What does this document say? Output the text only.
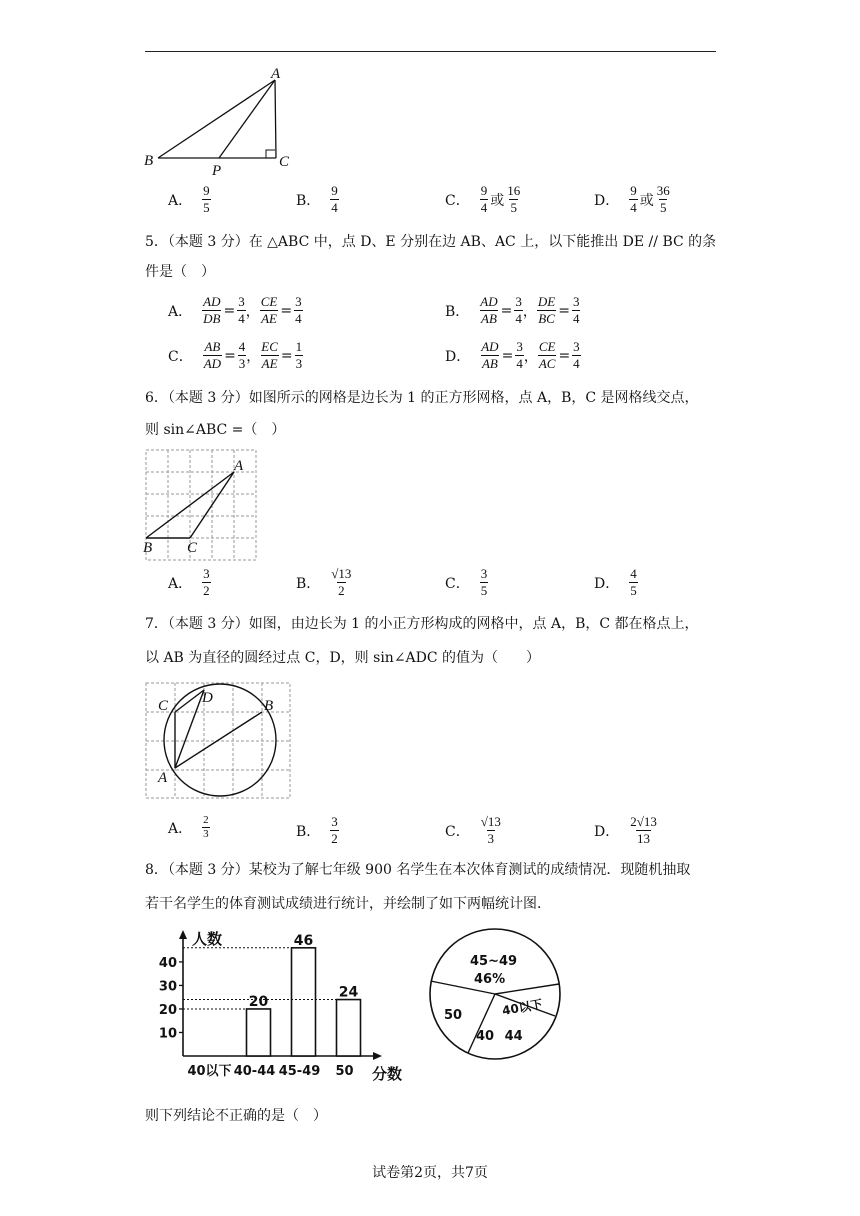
A
B
P
C
A． $\frac{9}{5}$	B． $\frac{9}{4}$	C． $\frac{9}{4}$ 或 $\frac{16}{5}$	D． $\frac{9}{4}$ 或 $\frac{36}{5}$
5．（本题 3 分）在 △ABC 中，点 D、E 分别在边 AB、AC 上，以下能推出 DE // BC 的条
件是（　）
A． $\frac{AD}{DB} = \frac{3}{4}$ ， $\frac{CE}{AE} = \frac{3}{4}$	B． $\frac{AD}{AB} = \frac{3}{4}$ ， $\frac{DE}{BC} = \frac{3}{4}$
C． $\frac{AB}{AD} = \frac{4}{3}$ ， $\frac{EC}{AE} = \frac{1}{3}$	D． $\frac{AD}{AB} = \frac{3}{4}$ ， $\frac{CE}{AC} = \frac{3}{4}$
6．（本题 3 分）如图所示的网格是边长为 1 的正方形网格，点 A，B，C 是网格线交点，
则 sin∠ABC =（　）
A
B C
A． $\frac{3}{2}$	B． $\frac{√13}{2}$	C． $\frac{3}{5}$	D． $\frac{4}{5}$
7．（本题 3 分）如图，由边长为 1 的小正方形构成的网格中，点 A，B，C 都在格点上，
以 AB 为直径的圆经过点 C，D，则 sin∠ADC 的值为（　　）
C D	B
A
A． $\frac{2}{3}$	B． $\frac{3}{2}$	C． $\frac{√13}{3}$	D． $\frac{2√13}{13}$
8．（本题 3 分）某校为了解七年级 900 名学生在本次体育测试的成绩情况．现随机抽取
若干名学生的体育测试成绩进行统计，并绘制了如下两幅统计图．
人数
分数
10
20
30
40
40以下 40-44 45-49 50
20
46
24
45~49
46%
40以下
40 44
50
则下列结论不正确的是（　）
试卷第2页，共7页
